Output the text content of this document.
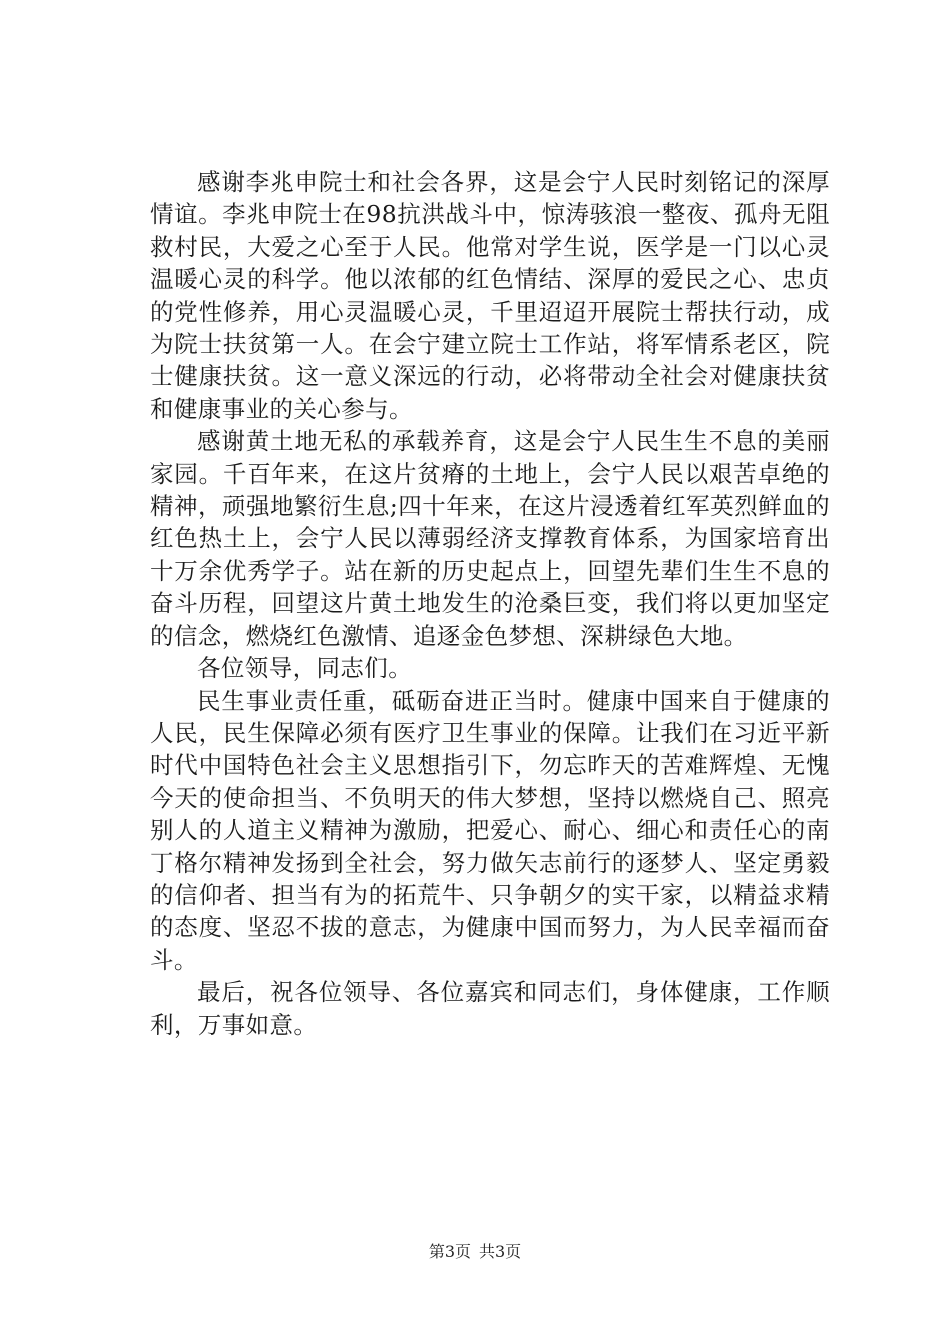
感谢李兆申院士和社会各界，这是会宁人民时刻铭记的深厚情谊。李兆申院士在98抗洪战斗中，惊涛骇浪一整夜、孤舟无阻救村民，大爱之心至于人民。他常对学生说，医学是一门以心灵温暖心灵的科学。他以浓郁的红色情结、深厚的爱民之心、忠贞的党性修养，用心灵温暖心灵，千里迢迢开展院士帮扶行动，成为院士扶贫第一人。在会宁建立院士工作站，将军情系老区，院士健康扶贫。这一意义深远的行动，必将带动全社会对健康扶贫和健康事业的关心参与。

感谢黄土地无私的承载养育，这是会宁人民生生不息的美丽家园。千百年来，在这片贫瘠的土地上，会宁人民以艰苦卓绝的精神，顽强地繁衍生息;四十年来，在这片浸透着红军英烈鲜血的红色热土上，会宁人民以薄弱经济支撑教育体系，为国家培育出十万余优秀学子。站在新的历史起点上，回望先辈们生生不息的奋斗历程，回望这片黄土地发生的沧桑巨变，我们将以更加坚定的信念，燃烧红色激情、追逐金色梦想、深耕绿色大地。

各位领导，同志们。

民生事业责任重，砥砺奋进正当时。健康中国来自于健康的人民，民生保障必须有医疗卫生事业的保障。让我们在习近平新时代中国特色社会主义思想指引下，勿忘昨天的苦难辉煌、无愧今天的使命担当、不负明天的伟大梦想，坚持以燃烧自己、照亮别人的人道主义精神为激励，把爱心、耐心、细心和责任心的南丁格尔精神发扬到全社会，努力做矢志前行的逐梦人、坚定勇毅的信仰者、担当有为的拓荒牛、只争朝夕的实干家，以精益求精的态度、坚忍不拔的意志，为健康中国而努力，为人民幸福而奋斗。

最后，祝各位领导、各位嘉宾和同志们，身体健康，工作顺利，万事如意。

第3页 共3页
